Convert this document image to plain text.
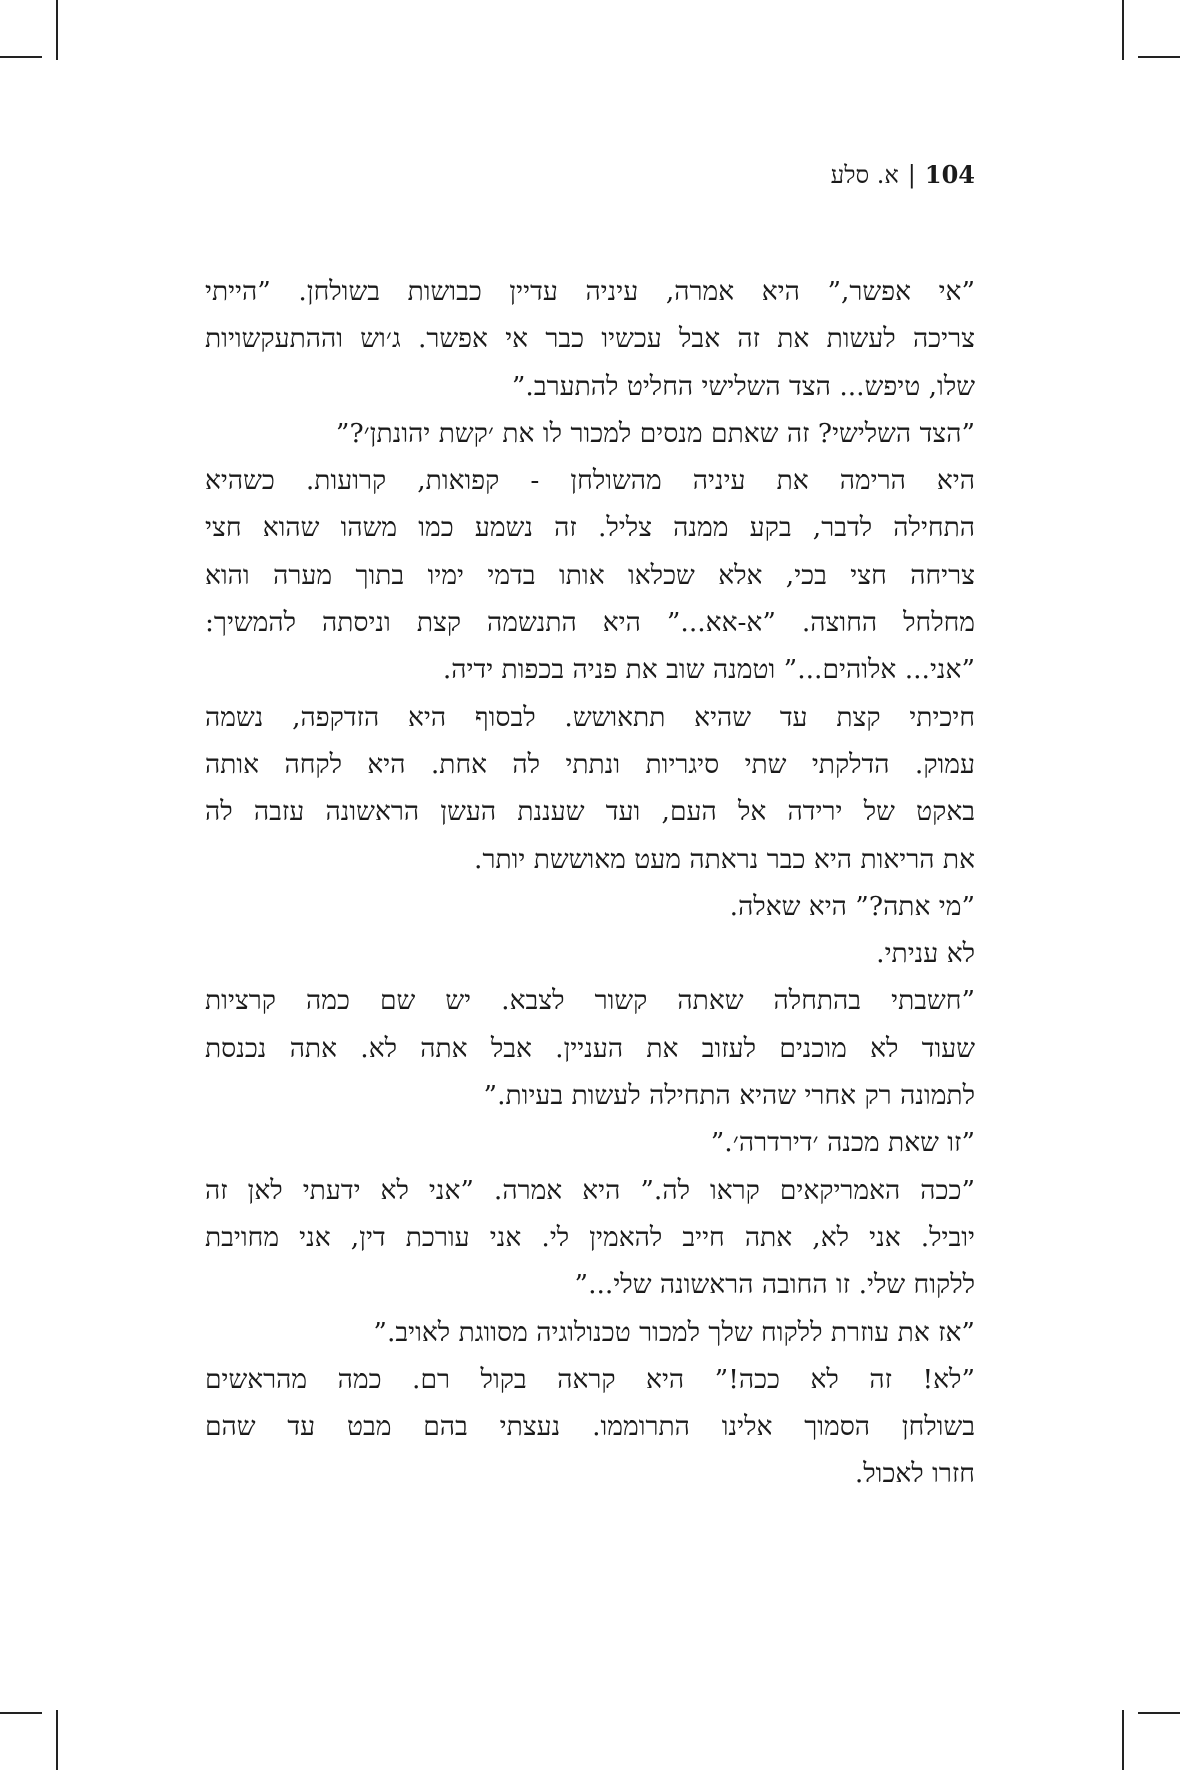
104|א. סלע
”אי אפשר,” היא אמרה, עיניה עדיין כבושות בשולחן. ”הייתי
צריכה לעשות את זה אבל עכשיו כבר אי אפשר. ג׳וש וההתעקשויות
שלו, טיפש... הצד השלישי החליט להתערב.”
”הצד השלישי? זה שאתם מנסים למכור לו את ׳קשת יהונתן׳?”
היא הרימה את עיניה מהשולחן - קפואות, קרועות. כשהיא
התחילה לדבר, בקע ממנה צליל. זה נשמע כמו משהו שהוא חצי
צריחה חצי בכי, אלא שכלאו אותו בדמי ימיו בתוך מערה והוא
מחלחל החוצה. ”א-אא...” היא התנשמה קצת וניסתה להמשיך:
”אני... אלוהים...” וטמנה שוב את פניה בכפות ידיה.
חיכיתי קצת עד שהיא תתאושש. לבסוף היא הזדקפה, נשמה
עמוק. הדלקתי שתי סיגריות ונתתי לה אחת. היא לקחה אותה
באקט של ירידה אל העם, ועד שעננת העשן הראשונה עזבה לה
את הריאות היא כבר נראתה מעט מאוששת יותר.
”מי אתה?” היא שאלה.
לא עניתי.
”חשבתי בהתחלה שאתה קשור לצבא. יש שם כמה קרציות
שעוד לא מוכנים לעזוב את העניין. אבל אתה לא. אתה נכנסת
לתמונה רק אחרי שהיא התחילה לעשות בעיות.”
”זו שאת מכנה ׳דירדרה׳.”
”ככה האמריקאים קראו לה.” היא אמרה. ”אני לא ידעתי לאן זה
יוביל. אני לא, אתה חייב להאמין לי. אני עורכת דין, אני מחויבת
ללקוח שלי. זו החובה הראשונה שלי...”
”אז את עוזרת ללקוח שלך למכור טכנולוגיה מסווגת לאויב.”
”לא! זה לא ככה!” היא קראה בקול רם. כמה מהראשים
בשולחן הסמוך אלינו התרוממו. נעצתי בהם מבט עד שהם
חזרו לאכול.
